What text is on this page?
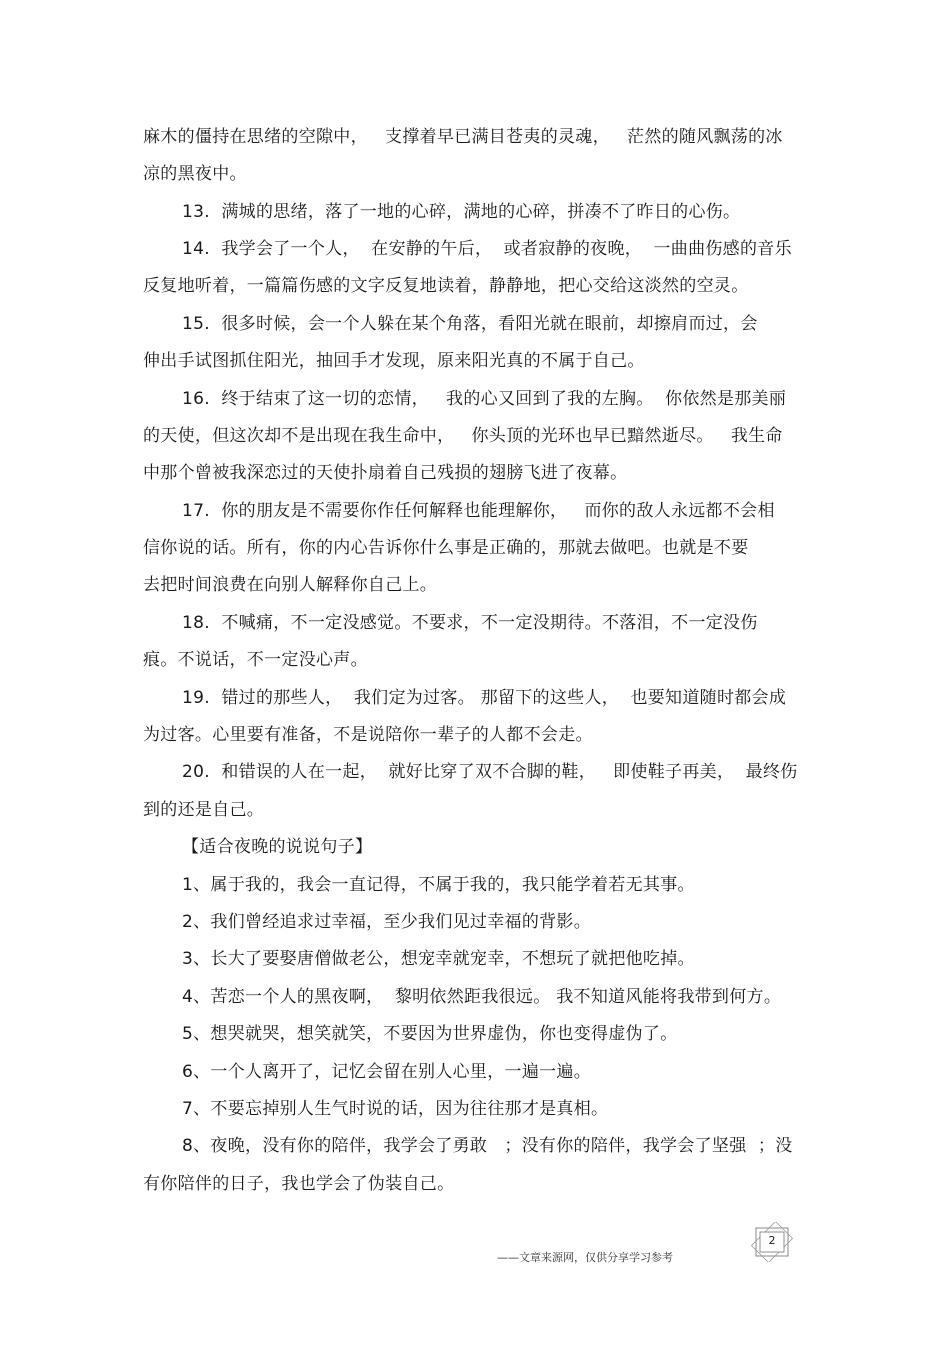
麻木的僵持在思绪的空隙中，   支撑着早已满目苍夷的灵魂，   茫然的随风飘荡的冰
凉的黑夜中。
13.  满城的思绪，落了一地的心碎，满地的心碎，拼凑不了昨日的心伤。
14.  我学会了一个人，  在安静的午后，  或者寂静的夜晚，  一曲曲伤感的音乐
反复地听着，一篇篇伤感的文字反复地读着，静静地，把心交给这淡然的空灵。
15.  很多时候，会一个人躲在某个角落，看阳光就在眼前，却擦肩而过，会
伸出手试图抓住阳光，抽回手才发现，原来阳光真的不属于自己。
16.  终于结束了这一切的恋情，   我的心又回到了我的左胸。  你依然是那美丽
的天使，但这次却不是出现在我生命中，   你头顶的光环也早已黯然逝尽。   我生命
中那个曾被我深恋过的天使扑扇着自己残损的翅膀飞进了夜幕。
17.  你的朋友是不需要你作任何解释也能理解你，   而你的敌人永远都不会相
信你说的话。所有，你的内心告诉你什么事是正确的，那就去做吧。也就是不要
去把时间浪费在向别人解释你自己上。
18.  不喊痛，不一定没感觉。不要求，不一定没期待。不落泪，不一定没伤
痕。不说话，不一定没心声。
19.  错过的那些人，  我们定为过客。 那留下的这些人，  也要知道随时都会成
为过客。心里要有准备，不是说陪你一辈子的人都不会走。
20.  和错误的人在一起，  就好比穿了双不合脚的鞋，   即使鞋子再美，  最终伤
到的还是自己。
【适合夜晚的说说句子】
1、属于我的，我会一直记得，不属于我的，我只能学着若无其事。
2、我们曾经追求过幸福，至少我们见过幸福的背影。
3、长大了要娶唐僧做老公，想宠幸就宠幸，不想玩了就把他吃掉。
4、苦恋一个人的黑夜啊，  黎明依然距我很远。 我不知道风能将我带到何方。
5、想哭就哭，想笑就笑，不要因为世界虚伪，你也变得虚伪了。
6、一个人离开了，记忆会留在别人心里，一遍一遍。
7、不要忘掉别人生气时说的话，因为往往那才是真相。
8、夜晚，没有你的陪伴，我学会了勇敢   ；没有你的陪伴，我学会了坚强  ；没
有你陪伴的日子，我也学会了伪装自己。
2
——文章来源网，仅供分享学习参考
